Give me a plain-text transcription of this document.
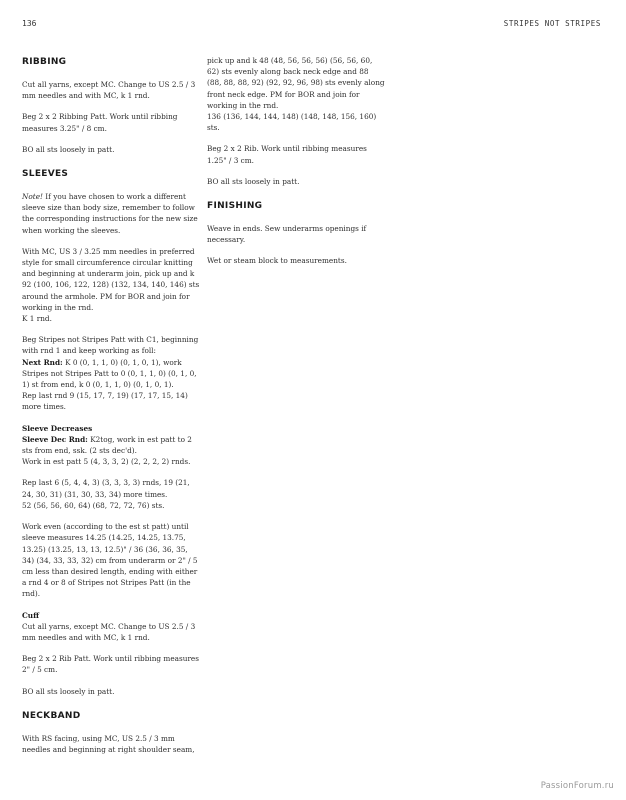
136	STRIPES NOT STRIPES
RIBBING

Cut all yarns, except MC. Change to US 2.5 / 3 mm needles and with MC, k 1 rnd.

Beg 2 x 2 Ribbing Patt. Work until ribbing measures 3.25" / 8 cm.

BO all sts loosely in patt.

SLEEVES

Note! If you have chosen to work a different sleeve size than body size, remember to follow the corresponding instructions for the new size when working the sleeves.

With MC, US 3 / 3.25 mm needles in preferred style for small circumference circular knitting and beginning at underarm join, pick up and k 92 (100, 106, 122, 128) (132, 134, 140, 146) sts around the armhole. PM for BOR and join for working in the rnd.

K 1 rnd.

Beg Stripes not Stripes Patt with C1, beginning with rnd 1 and keep working as foll:

Next Rnd: K 0 (0, 1, 1, 0) (0, 1, 0, 1), work Stripes not Stripes Patt to 0 (0, 1, 1, 0) (0, 1, 0, 1) st from end, k 0 (0, 1, 1, 0) (0, 1, 0, 1).

Rep last rnd 9 (15, 17, 7, 19) (17, 17, 15, 14) more times.

Sleeve Decreases

Sleeve Dec Rnd: K2tog, work in est patt to 2 sts from end, ssk. (2 sts dec'd).

Work in est patt 5 (4, 3, 3, 2) (2, 2, 2, 2) rnds.

Rep last 6 (5, 4, 4, 3) (3, 3, 3, 3) rnds, 19 (21, 24, 30, 31) (31, 30, 33, 34) more times.

52 (56, 56, 60, 64) (68, 72, 72, 76) sts.

Work even (according to the est st patt) until sleeve measures 14.25 (14.25, 14.25, 13.75, 13.25) (13.25, 13, 13, 12.5)" / 36 (36, 36, 35, 34) (34, 33, 33, 32) cm from underarm or 2" / 5 cm less than desired length, ending with either a rnd 4 or 8 of Stripes not Stripes Patt (in the rnd).

Cuff

Cut all yarns, except MC. Change to US 2.5 / 3 mm needles and with MC, k 1 rnd.

Beg 2 x 2 Rib Patt. Work until ribbing measures 2" / 5 cm.

BO all sts loosely in patt.

NECKBAND

With RS facing, using MC, US 2.5 / 3 mm needles and beginning at right shoulder seam,

pick up and k 48 (48, 56, 56, 56) (56, 56, 60, 62) sts evenly along back neck edge and 88 (88, 88, 88, 92) (92, 92, 96, 98) sts evenly along front neck edge. PM for BOR and join for working in the rnd.

136 (136, 144, 144, 148) (148, 148, 156, 160) sts.

Beg 2 x 2 Rib. Work until ribbing measures 1.25" / 3 cm.

BO all sts loosely in patt.

FINISHING

Weave in ends. Sew underarms openings if necessary.

Wet or steam block to measurements.

PassionForum.ru
